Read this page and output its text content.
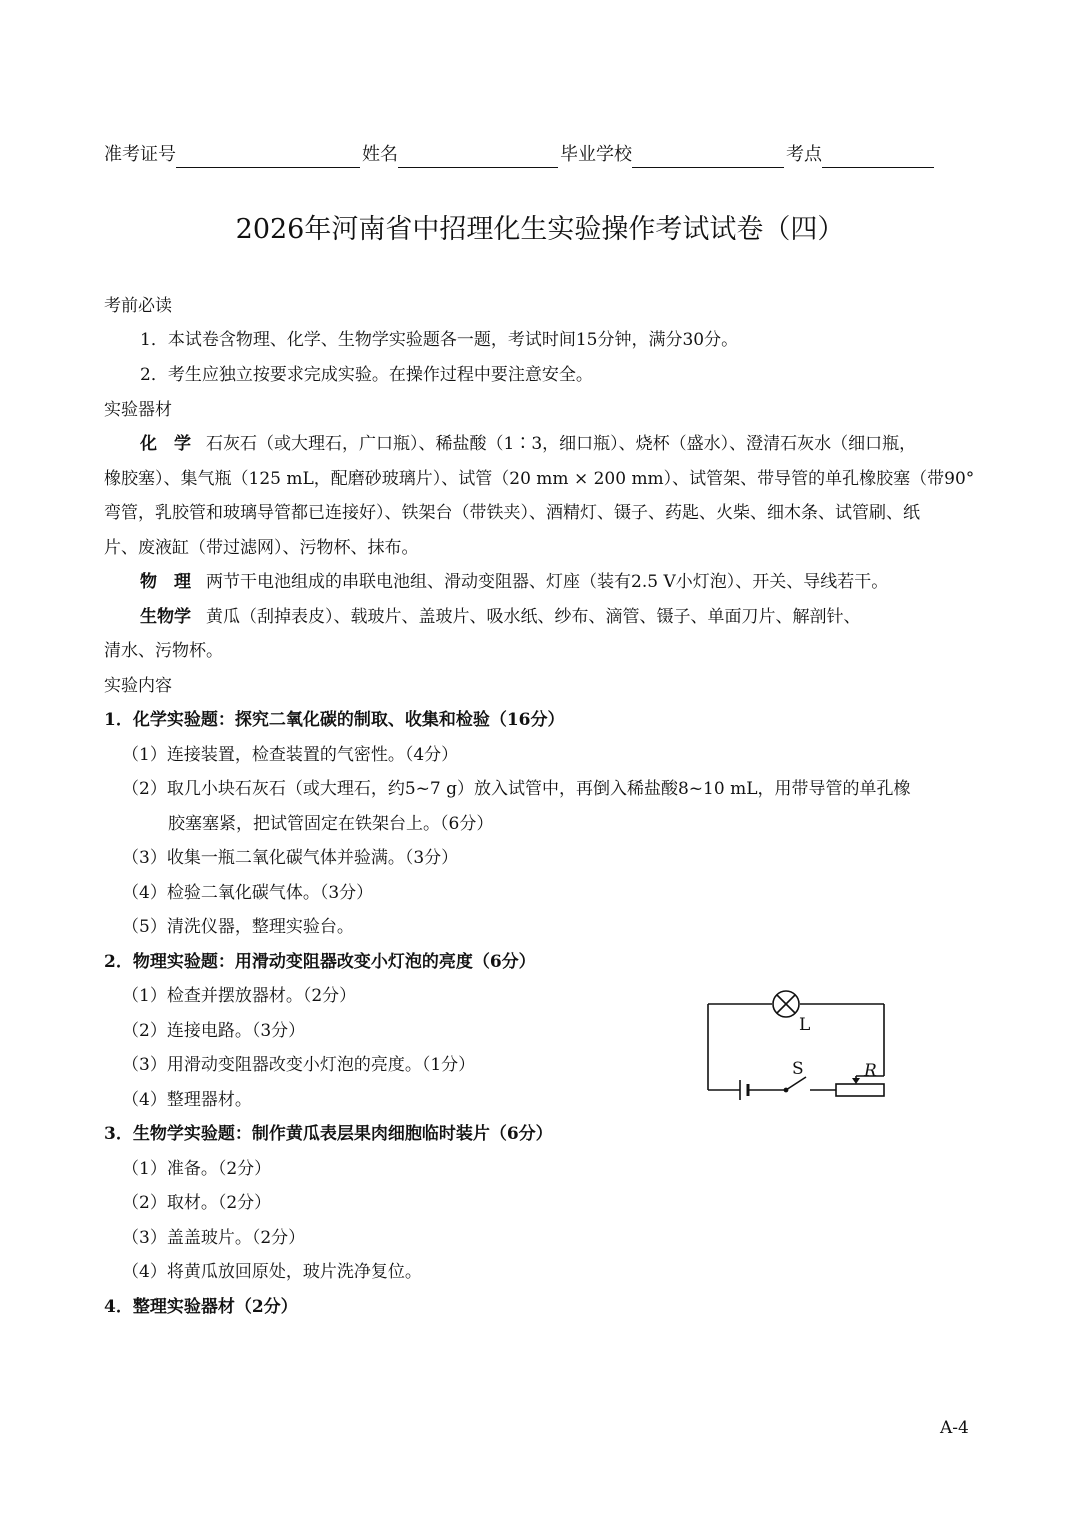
准考证号	姓名	毕业学校	考点
2026年河南省中招理化生实验操作考试试卷（四）
考前必读
1．本试卷含物理、化学、生物学实验题各一题，考试时间15分钟，满分30分。
2．考生应独立按要求完成实验。在操作过程中要注意安全。
实验器材
化　学 石灰石（或大理石，广口瓶）、稀盐酸（1∶3，细口瓶）、烧杯（盛水）、澄清石灰水（细口瓶，
橡胶塞）、集气瓶（125 mL，配磨砂玻璃片）、试管（20 mm × 200 mm）、试管架、带导管的单孔橡胶塞（带90°
弯管，乳胶管和玻璃导管都已连接好）、铁架台（带铁夹）、酒精灯、镊子、药匙、火柴、细木条、试管刷、纸
片、废液缸（带过滤网）、污物杯、抹布。
物　理 两节干电池组成的串联电池组、滑动变阻器、灯座（装有2.5 V小灯泡）、开关、导线若干。
生物学 黄瓜（刮掉表皮）、载玻片、盖玻片、吸水纸、纱布、滴管、镊子、单面刀片、解剖针、
清水、污物杯。
实验内容
1．化学实验题：探究二氧化碳的制取、收集和检验（16分）
（1）连接装置，检查装置的气密性。（4分）
（2）取几小块石灰石（或大理石，约5~7 g）放入试管中，再倒入稀盐酸8~10 mL，用带导管的单孔橡
胶塞塞紧，把试管固定在铁架台上。（6分）
（3）收集一瓶二氧化碳气体并验满。（3分）
（4）检验二氧化碳气体。（3分）
（5）清洗仪器，整理实验台。
2．物理实验题：用滑动变阻器改变小灯泡的亮度（6分）
（1）检查并摆放器材。（2分）
（2）连接电路。（3分）
（3）用滑动变阻器改变小灯泡的亮度。（1分）
（4）整理器材。
3．生物学实验题：制作黄瓜表层果肉细胞临时装片（6分）
（1）准备。（2分）
（2）取材。（2分）
（3）盖盖玻片。（2分）
（4）将黄瓜放回原处，玻片洗净复位。
4．整理实验器材（2分）
L
S	R
A-4
